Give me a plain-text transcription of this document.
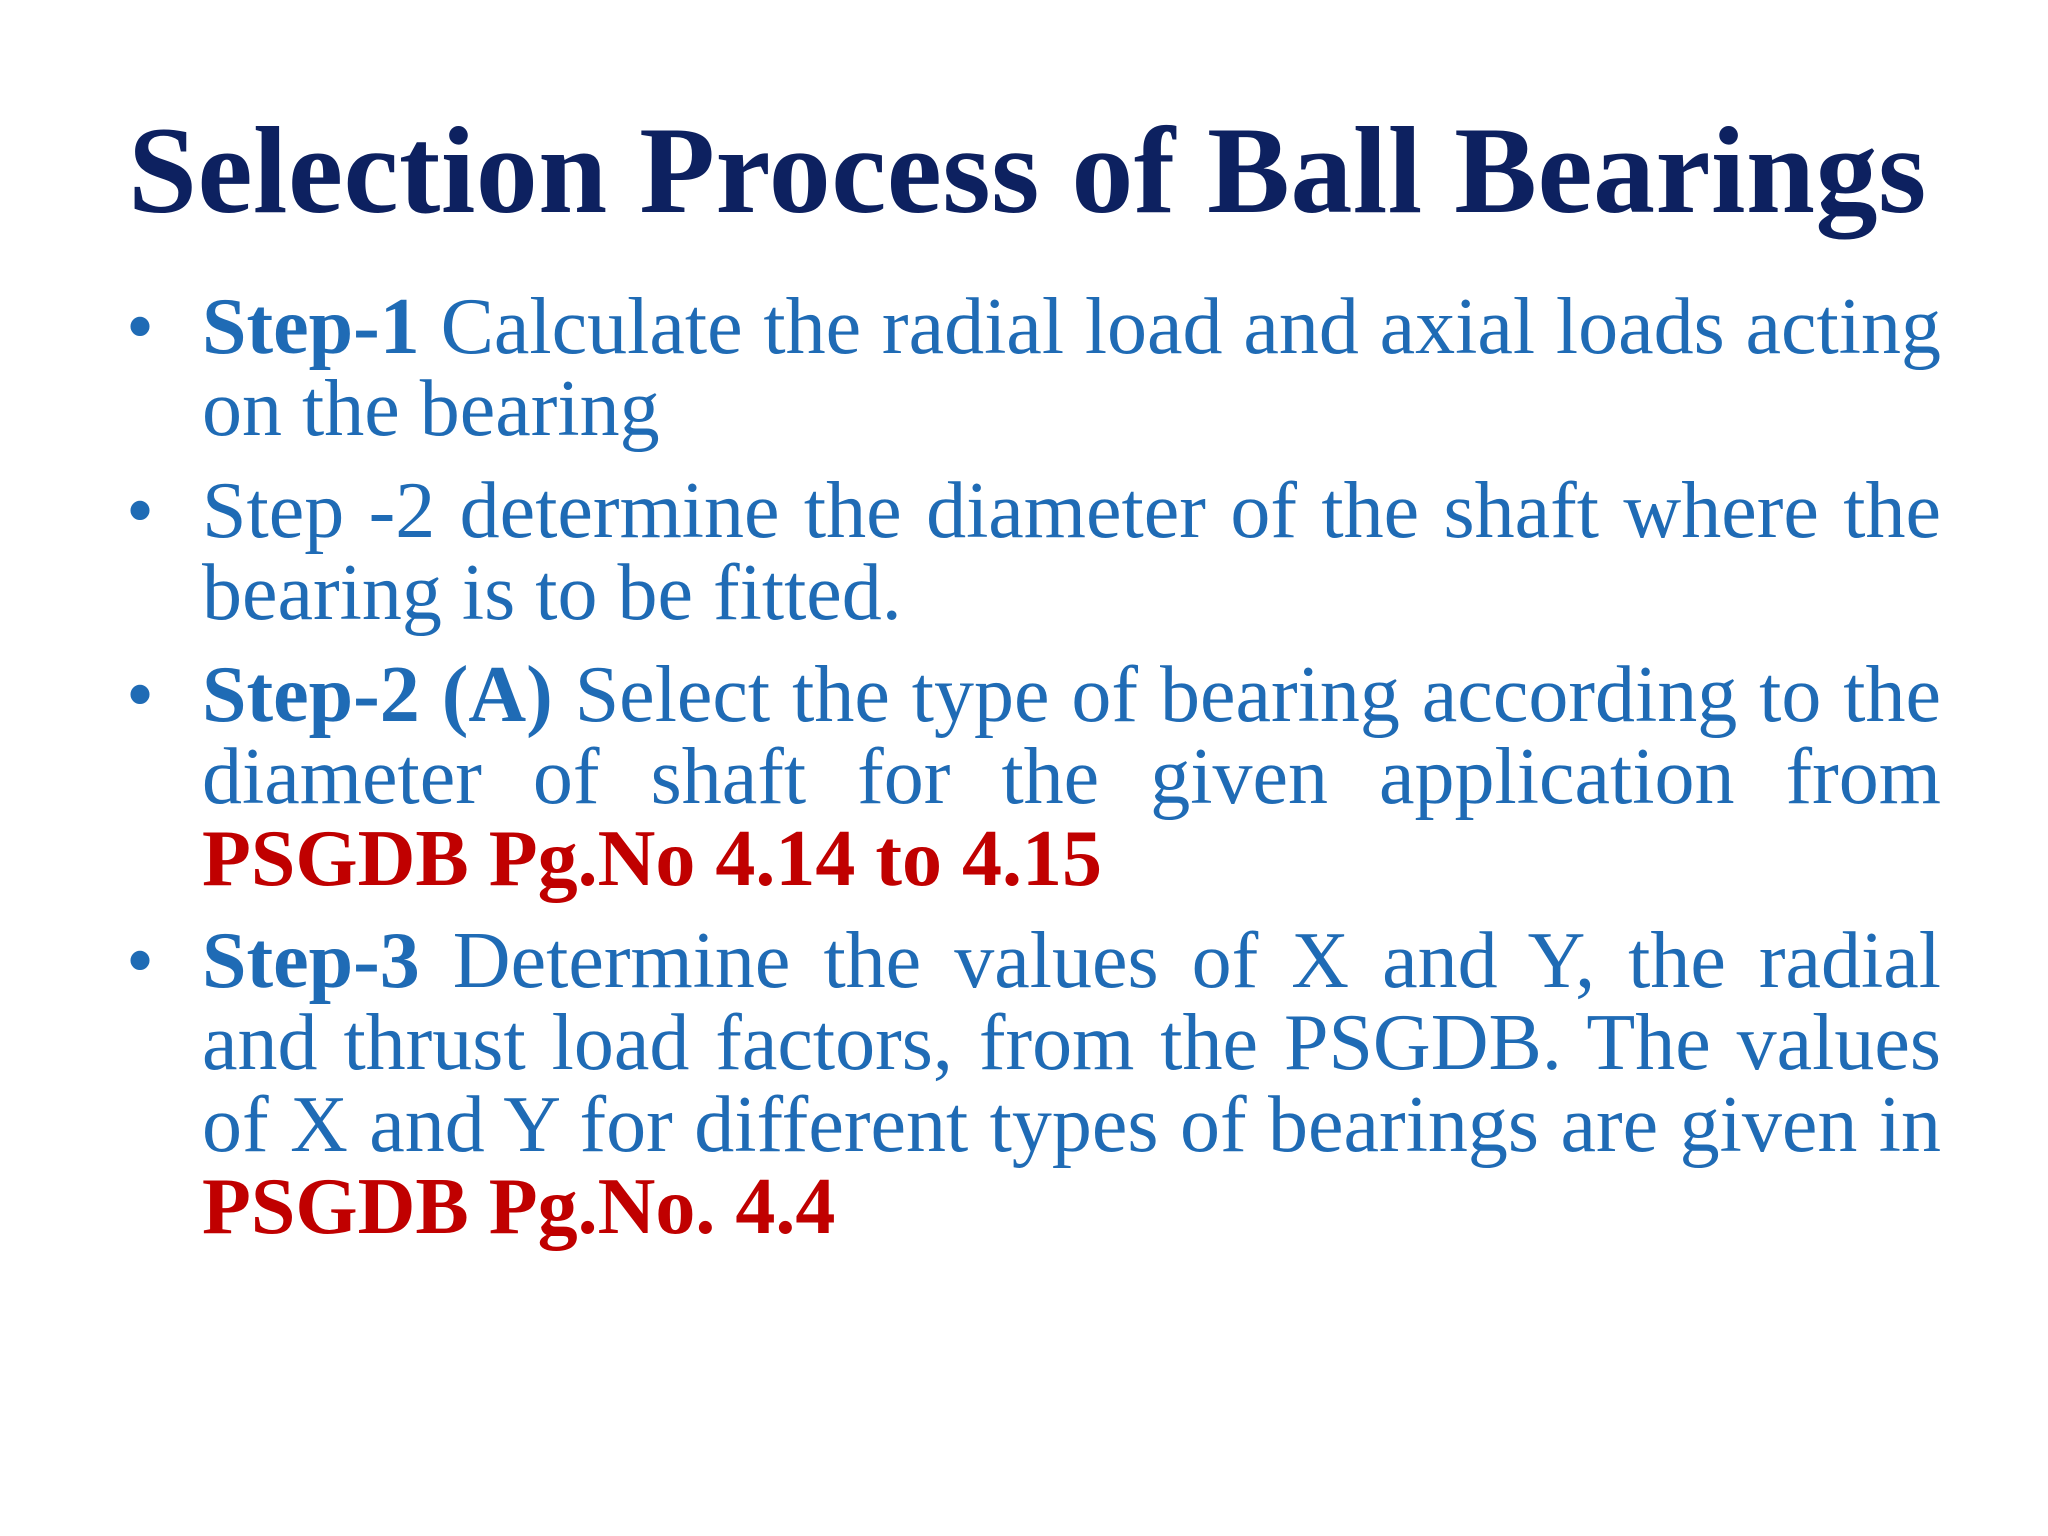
Selection Process of Ball Bearings
• Step-1 Calculate the radial load and axial loads acting on the bearing
• Step -2 determine the diameter of the shaft where the bearing is to be fitted.
• Step-2 (A) Select the type of bearing according to the diameter of shaft for the given application from PSGDB Pg.No 4.14 to 4.15
• Step-3 Determine the values of X and Y, the radial and thrust load factors, from the PSGDB. The values of X and Y for different types of bearings are given in PSGDB Pg.No. 4.4
